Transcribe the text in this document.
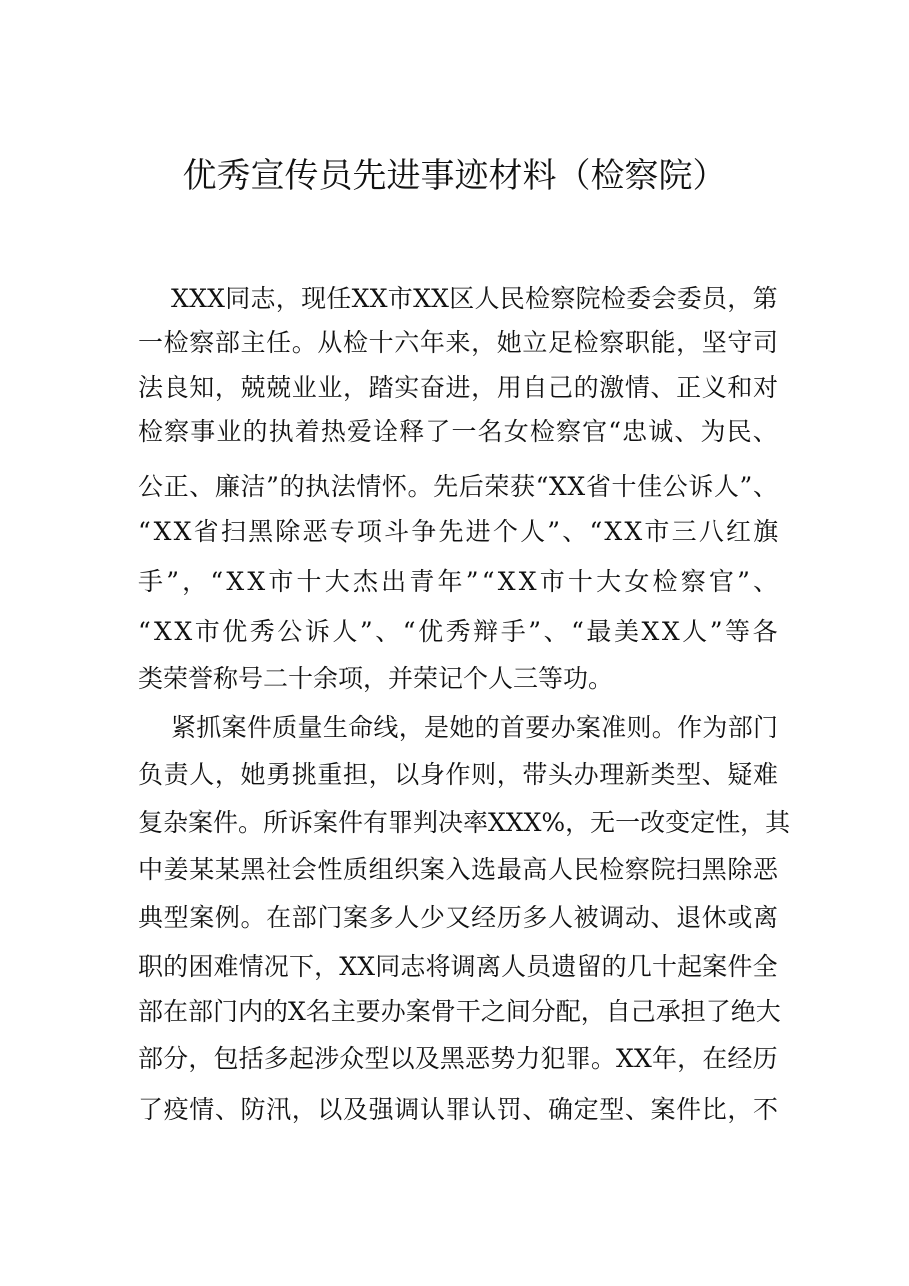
优秀宣传员先进事迹材料（检察院）
XXX同志，现任XX市XX区人民检察院检委会委员，第
一检察部主任。从检十六年来，她立足检察职能，坚守司
法良知，兢兢业业，踏实奋进，用自己的激情、正义和对
检察事业的执着热爱诠释了一名女检察官“忠诚、为民、
公正、廉洁”的执法情怀。先后荣获“XX省十佳公诉人”、
“XX省扫黑除恶专项斗争先进个人”、“XX市三八红旗
手”，“XX市十大杰出青年”“XX市十大女检察官”、
“XX市优秀公诉人”、“优秀辩手”、“最美XX人”等各
类荣誉称号二十余项，并荣记个人三等功。
紧抓案件质量生命线，是她的首要办案准则。作为部门
负责人，她勇挑重担，以身作则，带头办理新类型、疑难
复杂案件。所诉案件有罪判决率XXX%，无一改变定性，其
中姜某某黑社会性质组织案入选最高人民检察院扫黑除恶
典型案例。在部门案多人少又经历多人被调动、退休或离
职的困难情况下，XX同志将调离人员遗留的几十起案件全
部在部门内的X名主要办案骨干之间分配，自己承担了绝大
部分，包括多起涉众型以及黑恶势力犯罪。XX年，在经历
了疫情、防汛，以及强调认罪认罚、确定型、案件比，不
